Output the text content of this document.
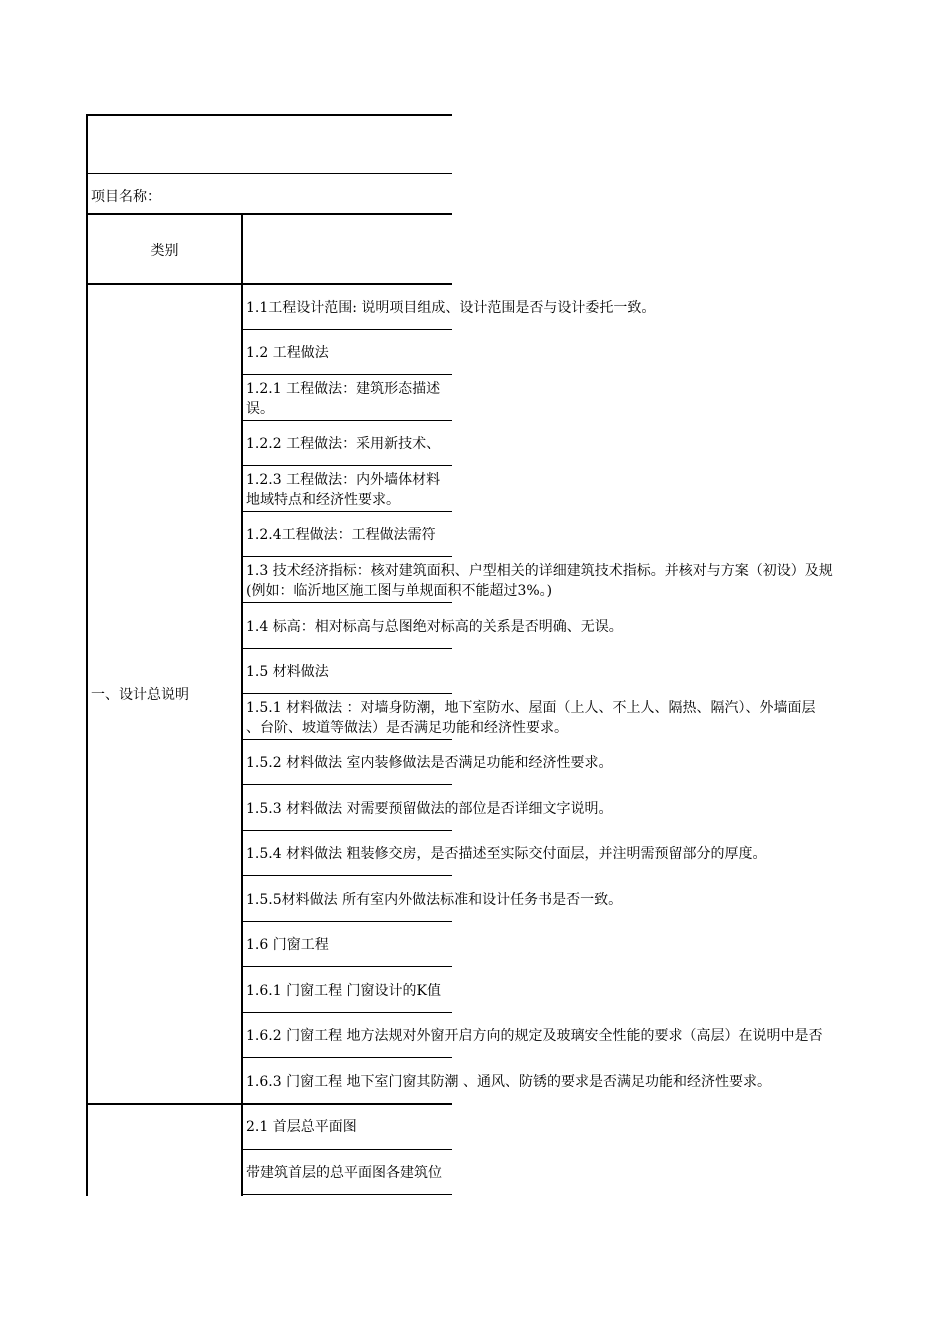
项目名称：
类别
一、设计总说明
1.1工程设计范围: 说明项目组成、设计范围是否与设计委托一致。
1.2 工程做法
1.2.1 工程做法：建筑形态描述
误。
1.2.2 工程做法：采用新技术、
1.2.3 工程做法：内外墙体材料
地域特点和经济性要求。
1.2.4工程做法：工程做法需符
1.3 技术经济指标：核对建筑面积、户型相关的详细建筑技术指标。并核对与方案（初设）及规
(例如：临沂地区施工图与单规面积不能超过3%。)
1.4 标高：相对标高与总图绝对标高的关系是否明确、无误。
1.5 材料做法
1.5.1 材料做法 ：对墙身防潮，地下室防水、屋面（上人、不上人、隔热、隔汽）、外墙面层
、台阶、坡道等做法）是否满足功能和经济性要求。
1.5.2 材料做法 室内装修做法是否满足功能和经济性要求。
1.5.3 材料做法 对需要预留做法的部位是否详细文字说明。
1.5.4 材料做法 粗装修交房，是否描述至实际交付面层，并注明需预留部分的厚度。
1.5.5材料做法 所有室内外做法标准和设计任务书是否一致。
1.6 门窗工程
1.6.1 门窗工程 门窗设计的K值
1.6.2 门窗工程 地方法规对外窗开启方向的规定及玻璃安全性能的要求（高层）在说明中是否
1.6.3 门窗工程 地下室门窗其防潮 、通风、防锈的要求是否满足功能和经济性要求。
2.1 首层总平面图
带建筑首层的总平面图各建筑位
